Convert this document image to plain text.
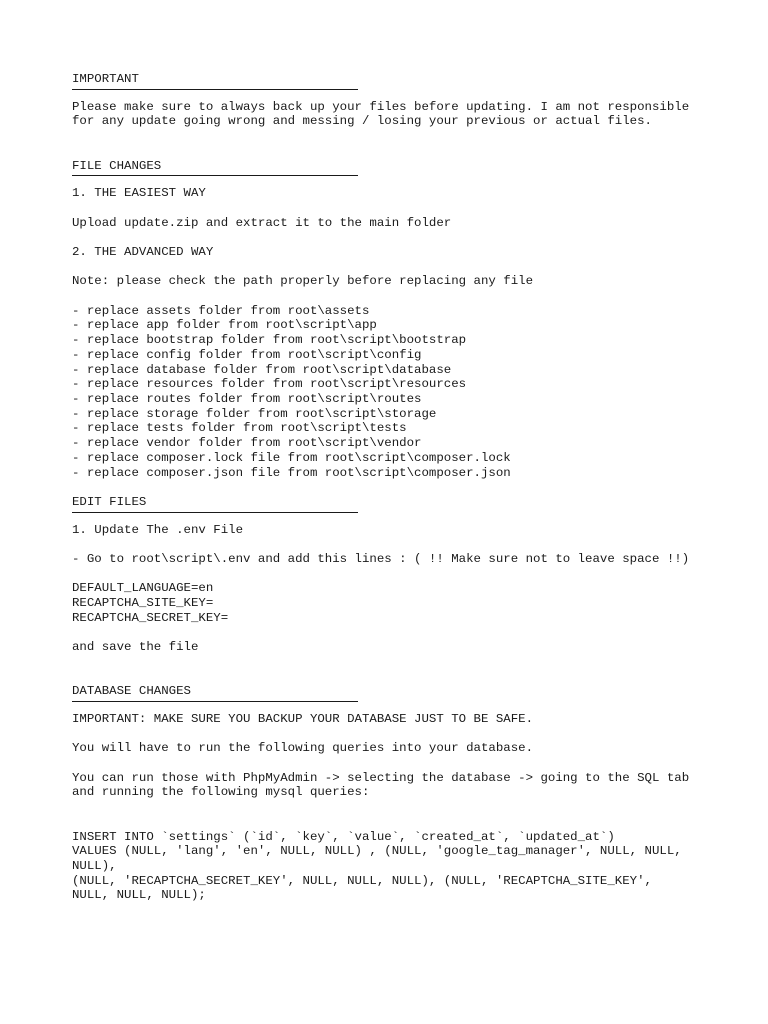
IMPORTANT
Please make sure to always back up your files before updating. I am not responsible
for any update going wrong and messing / losing your previous or actual files.
FILE CHANGES
1. THE EASIEST WAY
Upload update.zip and extract it to the main folder
2. THE ADVANCED WAY
Note: please check the path properly before replacing any file
- replace assets folder from root\assets
- replace app folder from root\script\app
- replace bootstrap folder from root\script\bootstrap
- replace config folder from root\script\config
- replace database folder from root\script\database
- replace resources folder from root\script\resources
- replace routes folder from root\script\routes
- replace storage folder from root\script\storage
- replace tests folder from root\script\tests
- replace vendor folder from root\script\vendor
- replace composer.lock file from root\script\composer.lock
- replace composer.json file from root\script\composer.json
EDIT FILES
1. Update The .env File
- Go to root\script\.env and add this lines : ( !! Make sure not to leave space !!)
DEFAULT_LANGUAGE=en
RECAPTCHA_SITE_KEY=
RECAPTCHA_SECRET_KEY=
and save the file
DATABASE CHANGES
IMPORTANT: MAKE SURE YOU BACKUP YOUR DATABASE JUST TO BE SAFE.
You will have to run the following queries into your database.
You can run those with PhpMyAdmin -> selecting the database -> going to the SQL tab
and running the following mysql queries:
INSERT INTO `settings` (`id`, `key`, `value`, `created_at`, `updated_at`)
VALUES (NULL, 'lang', 'en', NULL, NULL) , (NULL, 'google_tag_manager', NULL, NULL,
NULL),
(NULL, 'RECAPTCHA_SECRET_KEY', NULL, NULL, NULL), (NULL, 'RECAPTCHA_SITE_KEY',
NULL, NULL, NULL);
